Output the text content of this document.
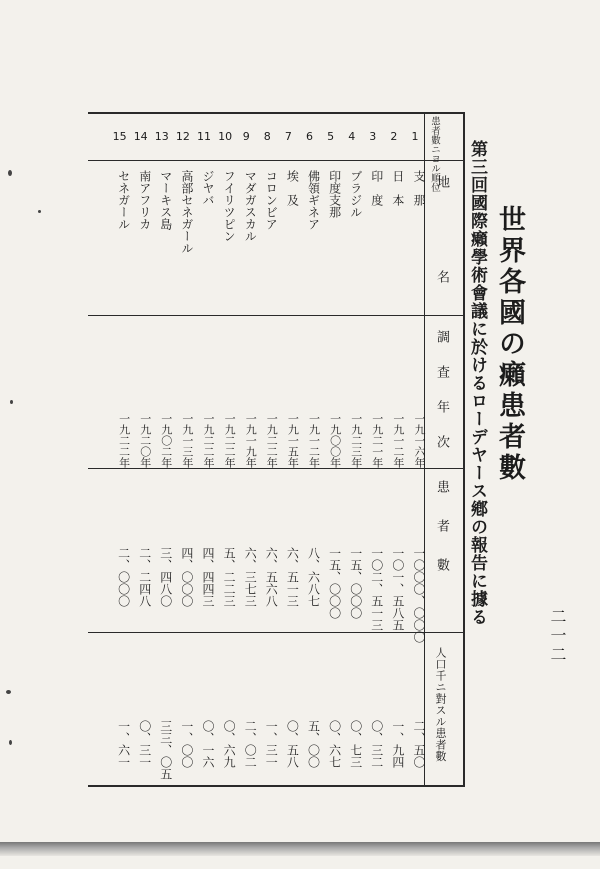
世界各國の癩患者數
第三回國際癩學術會議に於けるローデヤース鄕の報告に據る
二一二
患者數ニヨル順位
地名
調査年次
患者數
人口千ニ對スル患者數
1
支　那
一九一六年
一〇〇〇、〇〇〇
二、五〇
2
日　本
一九一二年
一〇一、五八五
一、九四
3
印　度
一九二一年
一〇二、五一三
〇、三二
4
ブラジル
一九二三年
一五、〇〇〇
〇、七三
5
印度支那
一九〇〇年
一五、〇〇〇
〇、六七
6
佛領ギネア
一九一二年
八、六八七
五、〇〇
7
埃　及
一九一五年
六、五一三
〇、五八
8
コロンビア
一九二二年
六、五六八
一、三一
9
マダガスカル
一九一九年
六、三七三
二、〇二
10
フイリツピン
一九二二年
五、二二三
〇、六九
11
ジヤバ
一九二二年
四、四四三
〇、一六
12
高部セネガール
一九一三年
四、〇〇〇
一、〇〇
13
マーキス島
一九〇二年
三、四八〇
三三、〇五
14
南アフリカ
一九二〇年
二、二四八
〇、三一
15
セネガール
一九二二年
二、〇〇〇
一、六一
